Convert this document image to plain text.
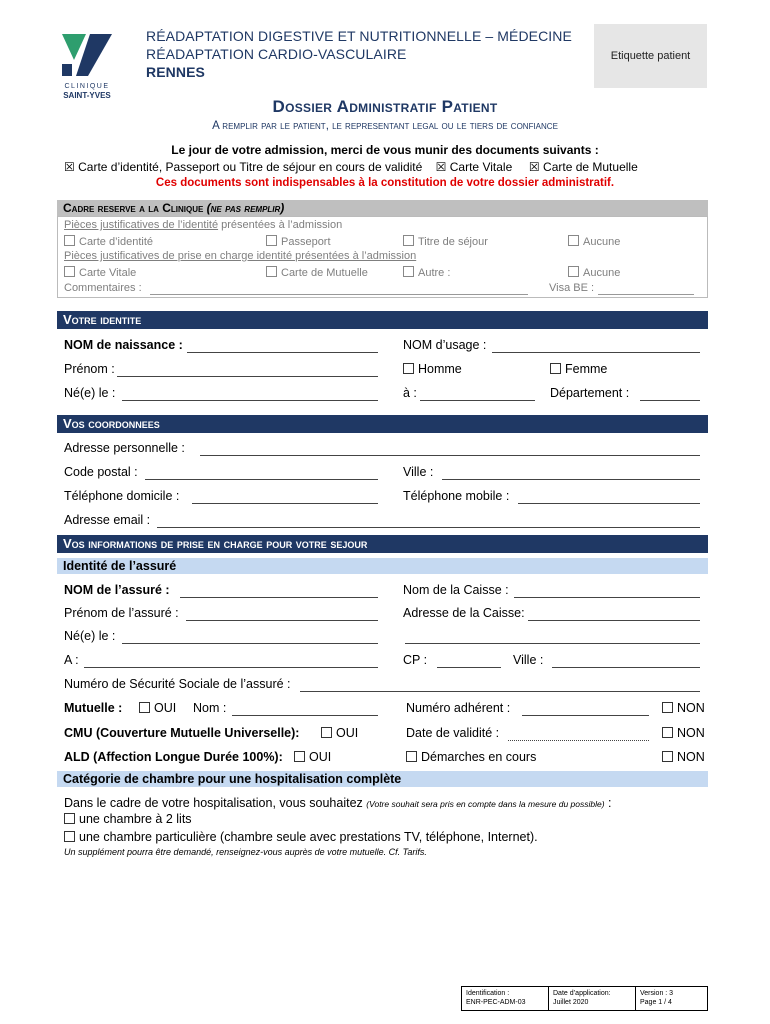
CLINIQUE
SAINT-YVES
RÉADAPTATION DIGESTIVE ET NUTRITIONNELLE – MÉDECINE
RÉADAPTATION CARDIO-VASCULAIRE
RENNES
Etiquette patient
Dossier Administratif Patient
A remplir par le patient, le representant legal ou le tiers de confiance
Le jour de votre admission, merci de vous munir des documents suivants :
☒ Carte d’identité, Passeport ou Titre de séjour en cours de validité ☒ Carte Vitale ☒ Carte de Mutuelle
Ces documents sont indispensables à la constitution de votre dossier administratif.
Cadre reserve a la Clinique (ne pas remplir)
Pièces justificatives de l’identité présentées à l’admission
Carte d’identité	Passeport	Titre de séjour	Aucune
Pièces justificatives de prise en charge identité présentées à l’admission
Carte Vitale	Carte de Mutuelle	Autre :	Aucune
Commentaires :	Visa BE :
Votre identite
NOM de naissance :	NOM d’usage :
Prénom :	Homme	Femme
Né(e) le :	à :	Département :
Vos coordonnees
Adresse personnelle :
Code postal :	Ville :
Téléphone domicile :	Téléphone mobile :
Adresse email :
Vos informations de prise en charge pour votre sejour
Identité de l’assuré
NOM de l’assuré :	Nom de la Caisse :
Prénom de l’assuré :	Adresse de la Caisse:
Né(e) le :
A :	CP :	Ville :
Numéro de Sécurité Sociale de l’assuré :
Mutuelle :	OUI Nom :	Numéro adhérent :	NON
CMU (Couverture Mutuelle Universelle):	OUI	Date de validité :	NON
ALD (Affection Longue Durée 100%):	OUI	Démarches en cours	NON
Catégorie de chambre pour une hospitalisation complète
Dans le cadre de votre hospitalisation, vous souhaitez (Votre souhait sera pris en compte dans la mesure du possible) :
une chambre à 2 lits
une chambre particulière (chambre seule avec prestations TV, téléphone, Internet).
Un supplément pourra être demandé, renseignez-vous auprès de votre mutuelle. Cf. Tarifs.
Identification :
ENR-PEC-ADM-03
Date d’application:
Juillet 2020
Version : 3
Page 1 / 4
